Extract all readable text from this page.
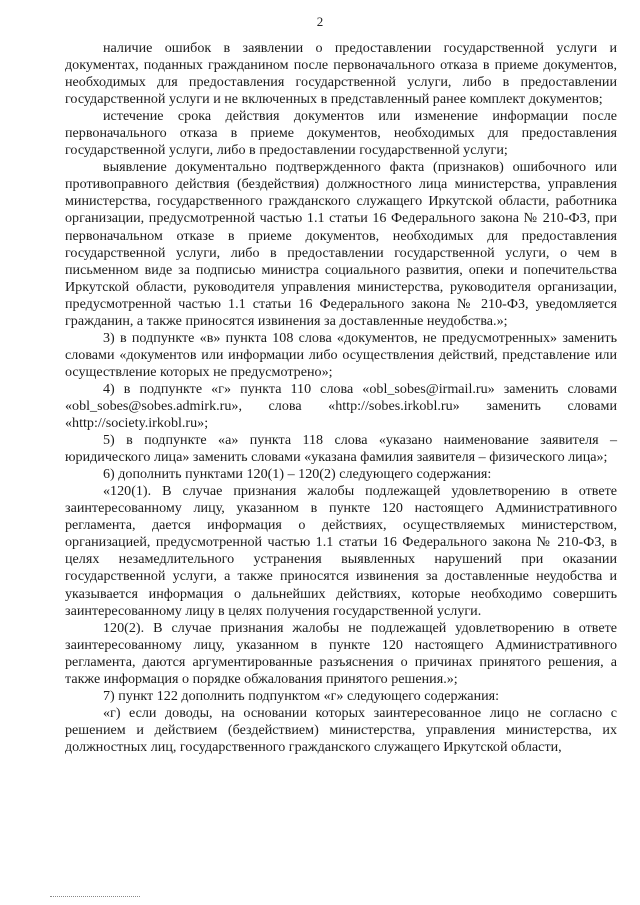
2

наличие ошибок в заявлении о предоставлении государственной услуги и документах, поданных гражданином после первоначального отказа в приеме документов, необходимых для предоставления государственной услуги, либо в предоставлении государственной услуги и не включенных в представленный ранее комплект документов;

истечение срока действия документов или изменение информации после первоначального отказа в приеме документов, необходимых для предоставления государственной услуги, либо в предоставлении государственной услуги;

выявление документально подтвержденного факта (признаков) ошибочного или противоправного действия (бездействия) должностного лица министерства, управления министерства, государственного гражданского служащего Иркутской области, работника организации, предусмотренной частью 1.1 статьи 16 Федерального закона № 210-ФЗ, при первоначальном отказе в приеме документов, необходимых для предоставления государственной услуги, либо в предоставлении государственной услуги, о чем в письменном виде за подписью министра социального развития, опеки и попечительства Иркутской области, руководителя управления министерства, руководителя организации, предусмотренной частью 1.1 статьи 16 Федерального закона № 210-ФЗ, уведомляется гражданин, а также приносятся извинения за доставленные неудобства.»;

3) в подпункте «в» пункта 108 слова «документов, не предусмотренных» заменить словами «документов или информации либо осуществления действий, представление или осуществление которых не предусмотрено»;

4) в подпункте «г» пункта 110 слова «obl_sobes@irmail.ru» заменить словами «obl_sobes@sobes.admirk.ru», слова «http://sobes.irkobl.ru» заменить словами «http://society.irkobl.ru»;

5) в подпункте «а» пункта 118 слова «указано наименование заявителя – юридического лица» заменить словами «указана фамилия заявителя – физического лица»;

6) дополнить пунктами 120(1) – 120(2) следующего содержания:

«120(1). В случае признания жалобы подлежащей удовлетворению в ответе заинтересованному лицу, указанном в пункте 120 настоящего Административного регламента, дается информация о действиях, осуществляемых министерством, организацией, предусмотренной частью 1.1 статьи 16 Федерального закона № 210-ФЗ, в целях незамедлительного устранения выявленных нарушений при оказании государственной услуги, а также приносятся извинения за доставленные неудобства и указывается информация о дальнейших действиях, которые необходимо совершить заинтересованному лицу в целях получения государственной услуги.

120(2). В случае признания жалобы не подлежащей удовлетворению в ответе заинтересованному лицу, указанном в пункте 120 настоящего Административного регламента, даются аргументированные разъяснения о причинах принятого решения, а также информация о порядке обжалования принятого решения.»;

7) пункт 122 дополнить подпунктом «г» следующего содержания:

«г) если доводы, на основании которых заинтересованное лицо не согласно с решением и действием (бездействием) министерства, управления министерства, их должностных лиц, государственного гражданского служащего Иркутской области,
